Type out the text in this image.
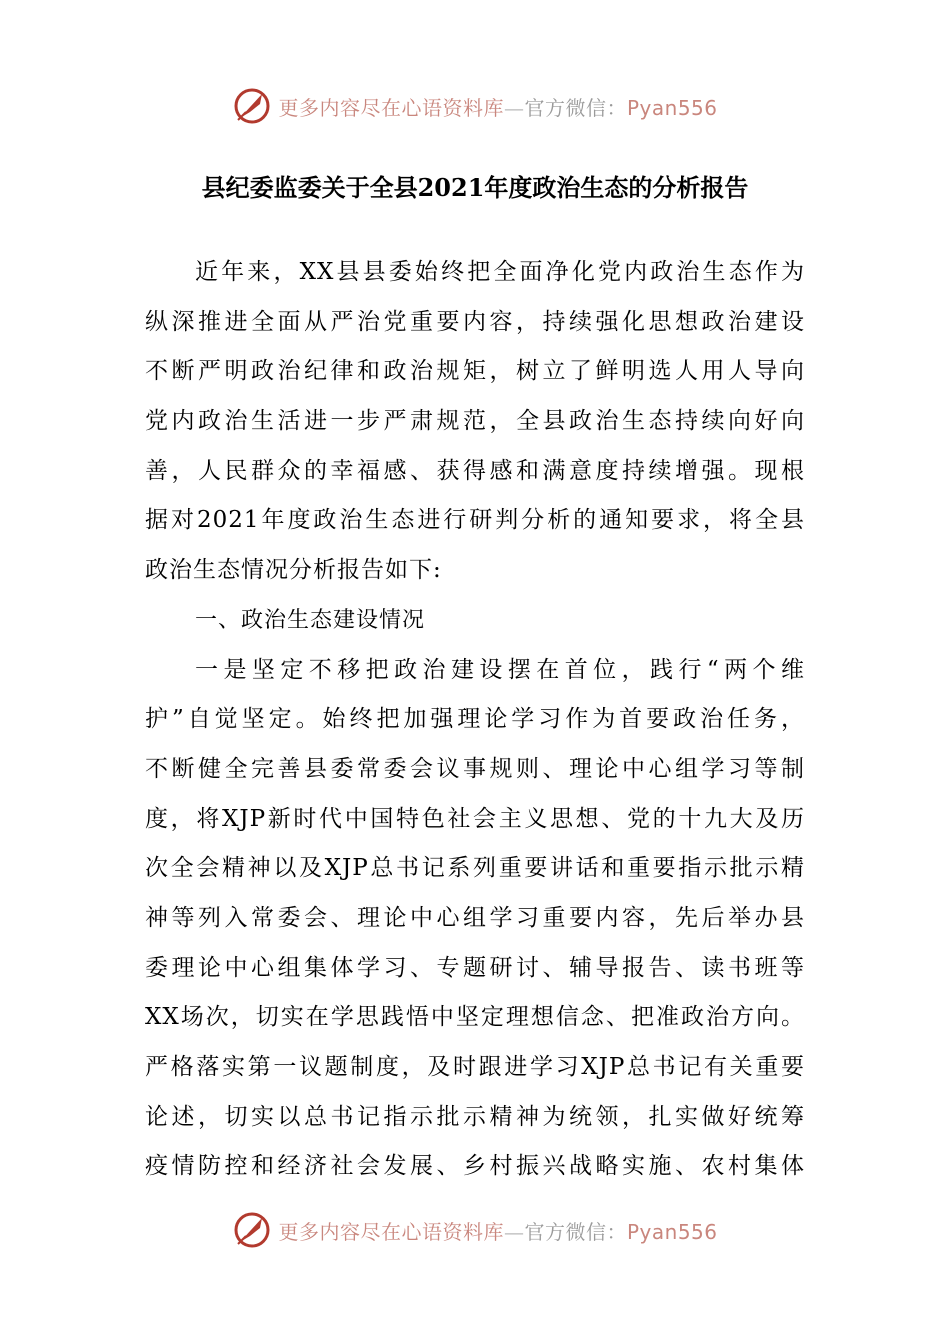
更多内容尽在心语资料库—官方微信：Pyan556
县纪委监委关于全县2021年度政治生态的分析报告
近年来，XX县县委始终把全面净化党内政治生态作为
纵深推进全面从严治党重要内容，持续强化思想政治建设
不断严明政治纪律和政治规矩，树立了鲜明选人用人导向
党内政治生活进一步严肃规范，全县政治生态持续向好向
善，人民群众的幸福感、获得感和满意度持续增强。现根
据对2021年度政治生态进行研判分析的通知要求，将全县
政治生态情况分析报告如下:
一、政治生态建设情况
一是坚定不移把政治建设摆在首位，践行“两个维
护”自觉坚定。始终把加强理论学习作为首要政治任务，
不断健全完善县委常委会议事规则、理论中心组学习等制
度，将XJP新时代中国特色社会主义思想、党的十九大及历
次全会精神以及XJP总书记系列重要讲话和重要指示批示精
神等列入常委会、理论中心组学习重要内容，先后举办县
委理论中心组集体学习、专题研讨、辅导报告、读书班等
XX场次，切实在学思践悟中坚定理想信念、把准政治方向。
严格落实第一议题制度，及时跟进学习XJP总书记有关重要
论述，切实以总书记指示批示精神为统领，扎实做好统筹
疫情防控和经济社会发展、乡村振兴战略实施、农村集体
更多内容尽在心语资料库—官方微信：Pyan556
